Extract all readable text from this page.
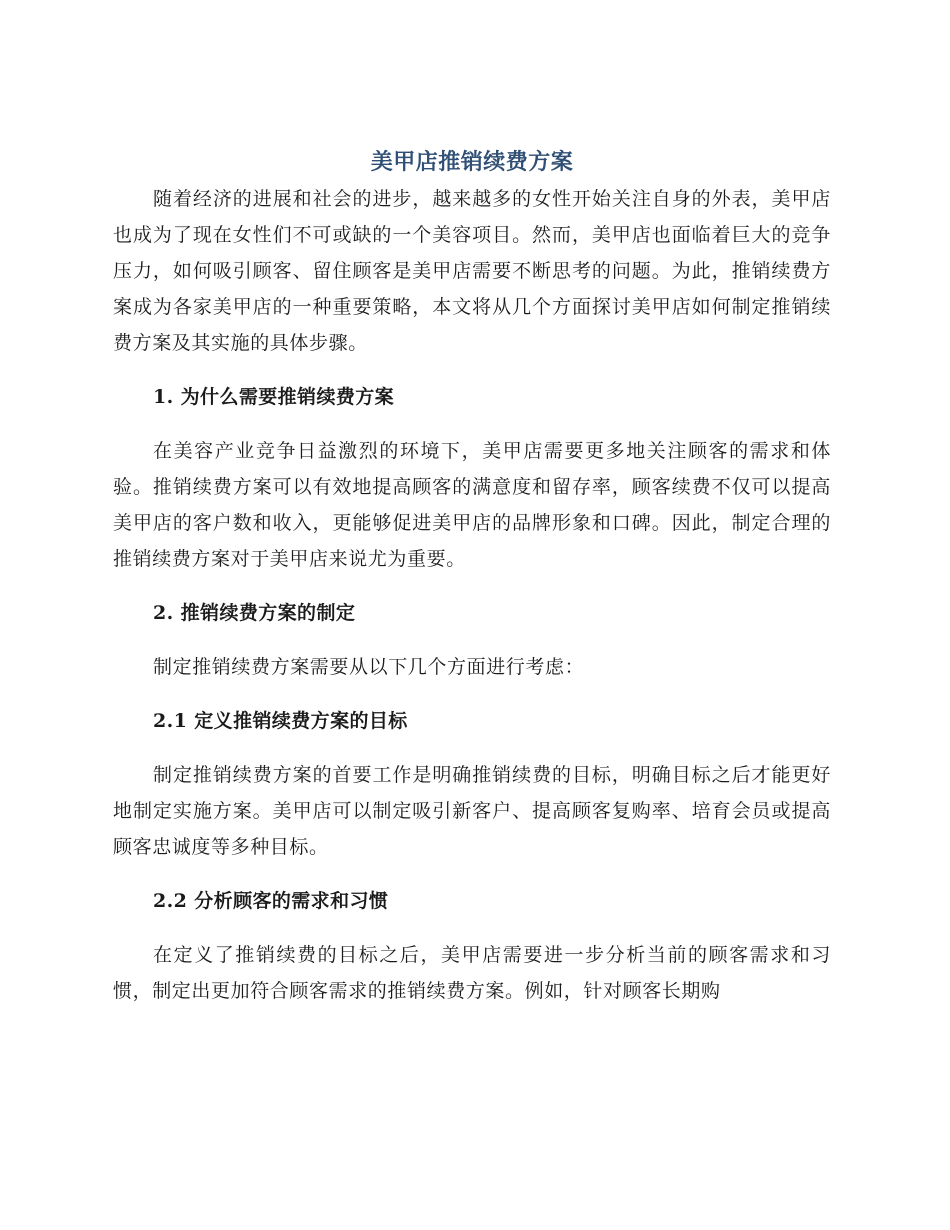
美甲店推销续费方案

随着经济的进展和社会的进步，越来越多的女性开始关注自身的外表，美甲店也成为了现在女性们不可或缺的一个美容项目。然而，美甲店也面临着巨大的竞争压力，如何吸引顾客、留住顾客是美甲店需要不断思考的问题。为此，推销续费方案成为各家美甲店的一种重要策略，本文将从几个方面探讨美甲店如何制定推销续费方案及其实施的具体步骤。

1. 为什么需要推销续费方案

在美容产业竞争日益激烈的环境下，美甲店需要更多地关注顾客的需求和体验。推销续费方案可以有效地提高顾客的满意度和留存率，顾客续费不仅可以提高美甲店的客户数和收入，更能够促进美甲店的品牌形象和口碑。因此，制定合理的推销续费方案对于美甲店来说尤为重要。

2. 推销续费方案的制定

制定推销续费方案需要从以下几个方面进行考虑：

2.1 定义推销续费方案的目标

制定推销续费方案的首要工作是明确推销续费的目标，明确目标之后才能更好地制定实施方案。美甲店可以制定吸引新客户、提高顾客复购率、培育会员或提高顾客忠诚度等多种目标。

2.2 分析顾客的需求和习惯

在定义了推销续费的目标之后，美甲店需要进一步分析当前的顾客需求和习惯，制定出更加符合顾客需求的推销续费方案。例如，针对顾客长期购
